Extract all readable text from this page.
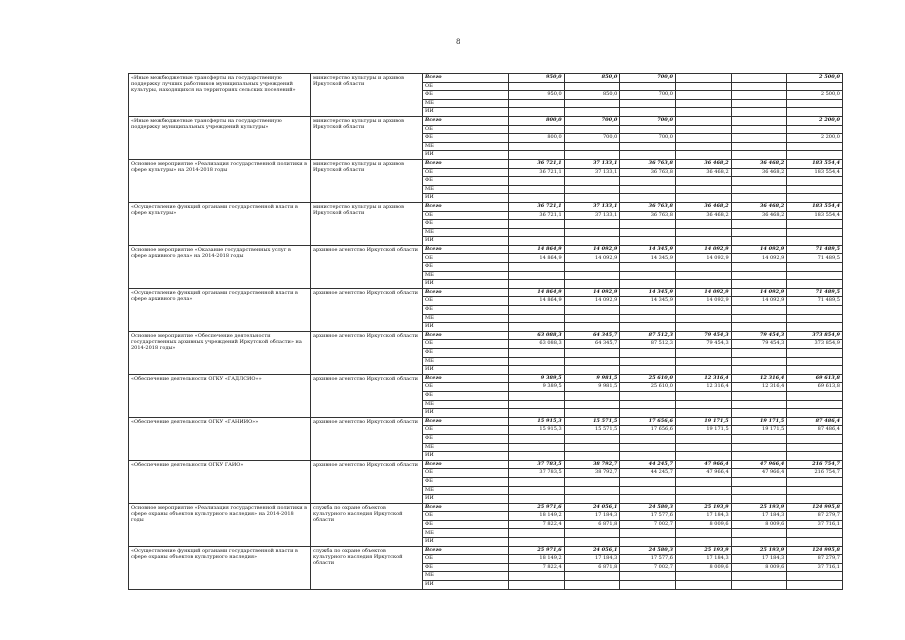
8
«Иные межбюджетные трансферты на государственную поддержку лучших работников муниципальных учреждений культуры, находящихся на территориях сельских поселений»	министерство культуры и архивов Иркутской области	Всего	950,0	850,0	700,0			2 500,0
		ОБ						
		ФБ	950,0	850,0	700,0			2 500,0
		МБ						
		ИИ						
«Иные межбюджетные трансферты на государственную поддержку муниципальных учреждений культуры»	министерство культуры и архивов Иркутской области	Всего	800,0	700,0	700,0			2 200,0
		ОБ						
		ФБ	800,0	700,0	700,0			2 200,0
		МБ						
		ИИ						
Основное мероприятие «Реализация государственной политики в сфере культуры» на 2014-2018 годы	министерство культуры и архивов Иркутской области	Всего	36 721,1	37 133,1	36 763,8	36 468,2	36 468,2	183 554,4
		ОБ	36 721,1	37 133,1	36 763,8	36 468,2	36 468,2	183 554,4
		ФБ						
		МБ						
		ИИ						
«Осуществление функций органами государственной власти в сфере культуры»	министерство культуры и архивов Иркутской области	Всего	36 721,1	37 133,1	36 763,8	36 468,2	36 468,2	183 554,4
		ОБ	36 721,1	37 133,1	36 763,8	36 468,2	36 468,2	183 554,4
		ФБ						
		МБ						
		ИИ						
Основное мероприятие «Оказание государственных услуг в сфере архивного дела» на 2014-2018 годы	архивное агентство Иркутской области	Всего	14 864,9	14 092,9	14 345,9	14 092,9	14 092,9	71 489,5
		ОБ	14 864,9	14 092,9	14 345,9	14 092,9	14 092,9	71 489,5
		ФБ						
		МБ						
		ИИ						
«Осуществление функций органами государственной власти в сфере архивного дела»	архивное агентство Иркутской области	Всего	14 864,9	14 092,9	14 345,9	14 092,9	14 092,9	71 489,5
		ОБ	14 864,9	14 092,9	14 345,9	14 092,9	14 092,9	71 489,5
		ФБ						
		МБ						
		ИИ						
Основное мероприятие «Обеспечение деятельности государственных архивных учреждений Иркутской области» на 2014-2018 годы»	архивное агентство Иркутской области	Всего	63 088,3	64 345,7	87 512,3	79 454,3	79 454,3	373 854,9
		ОБ	63 088,3	64 345,7	87 512,3	79 454,3	79 454,3	373 854,9
		ФБ						
		МБ						
		ИИ						
«Обеспечение деятельности ОГКУ «ГАДЛСИО»»	архивное агентство Иркутской области	Всего	9 389,5	9 981,5	25 610,0	12 316,4	12 316,4	69 613,8
		ОБ	9 389,5	9 981,5	25 610,0	12 316,4	12 316,4	69 613,8
		ФБ						
		МБ						
		ИИ						
«Обеспечение деятельности ОГКУ «ГАНИИО»»	архивное агентство Иркутской области	Всего	15 915,3	15 571,5	17 656,6	19 171,5	19 171,5	87 486,4
		ОБ	15 915,3	15 571,5	17 656,6	19 171,5	19 171,5	87 486,4
		ФБ						
		МБ						
		ИИ						
«Обеспечение деятельности ОГКУ ГАИО»	архивное агентство Иркутской области	Всего	37 783,5	38 792,7	44 245,7	47 966,4	47 966,4	216 754,7
		ОБ	37 783,5	38 792,7	44 245,7	47 966,4	47 966,4	216 754,7
		ФБ						
		МБ						
		ИИ						
Основное мероприятие «Реализация государственной политики в сфере охраны объектов культурного наследия» на 2014-2018 годы	служба по охране объектов культурного наследия Иркутской области	Всего	25 971,6	24 056,1	24 580,3	25 193,9	25 193,9	124 995,8
		ОБ	18 149,2	17 184,3	17 577,6	17 184,3	17 184,3	87 279,7
		ФБ	7 822,4	6 871,8	7 002,7	8 009,6	8 009,6	37 716,1
		МБ						
		ИИ						
«Осуществление функций органами государственной власти в сфере охраны объектов культурного наследия»	служба по охране объектов культурного наследия Иркутской области	Всего	25 971,6	24 056,1	24 580,3	25 193,9	25 193,9	124 995,8
		ОБ	18 149,2	17 184,3	17 577,6	17 184,3	17 184,3	87 279,7
		ФБ	7 822,4	6 871,8	7 002,7	8 009,6	8 009,6	37 716,1
		МБ						
		ИИ						
